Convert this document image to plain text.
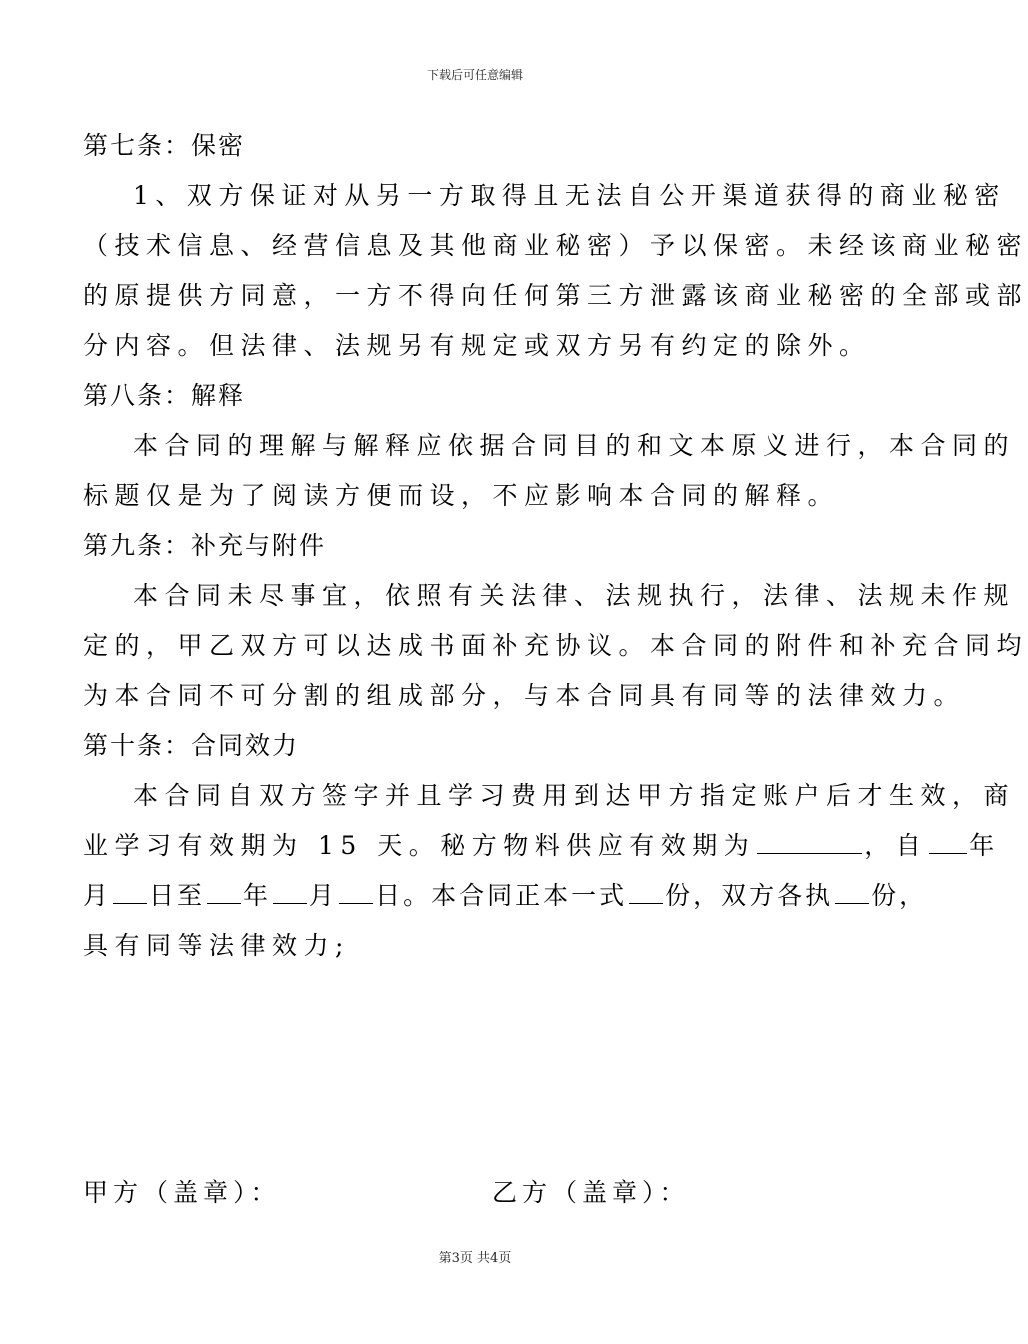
下载后可任意编辑
第七条：保密
1、双方保证对从另一方取得且无法自公开渠道获得的商业秘密
（技术信息、经营信息及其他商业秘密）予以保密。未经该商业秘密
的原提供方同意，一方不得向任何第三方泄露该商业秘密的全部或部
分内容。但法律、法规另有规定或双方另有约定的除外。
第八条：解释
本合同的理解与解释应依据合同目的和文本原义进行，本合同的
标题仅是为了阅读方便而设，不应影响本合同的解释。
第九条：补充与附件
本合同未尽事宜，依照有关法律、法规执行，法律、法规未作规
定的，甲乙双方可以达成书面补充协议。本合同的附件和补充合同均
为本合同不可分割的组成部分，与本合同具有同等的法律效力。
第十条：合同效力
本合同自双方签字并且学习费用到达甲方指定账户后才生效，商
业学习有效期为 15 天。秘方物料供应有效期为	，自 年
月 日至 年 月 日。本合同正本一式 份，双方各执 份，
具有同等法律效力;
甲方（盖章）：	乙方（盖章）：
第3页 共4页
